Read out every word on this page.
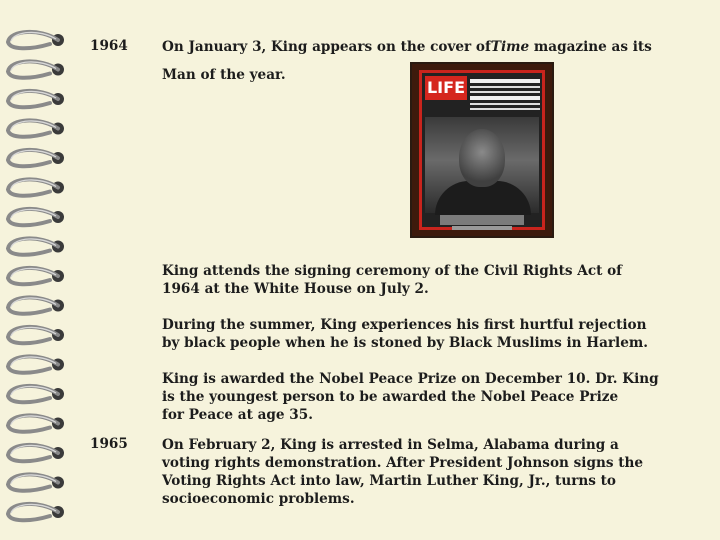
1964	On January 3, King appears on the cover ofTime magazine as its
Man of the year.
LIFE
King attends the signing ceremony of the Civil Rights Act of
1964 at the White House on July 2.
During the summer, King experiences his first hurtful rejection
by black people when he is stoned by Black Muslims in Harlem.
King is awarded the Nobel Peace Prize on December 10. Dr. King
is the youngest person to be awarded the Nobel Peace Prize
for Peace at age 35.
1965	On February 2, King is arrested in Selma, Alabama during a
voting rights demonstration. After President Johnson signs the
Voting Rights Act into law, Martin Luther King, Jr., turns to
socioeconomic problems.
